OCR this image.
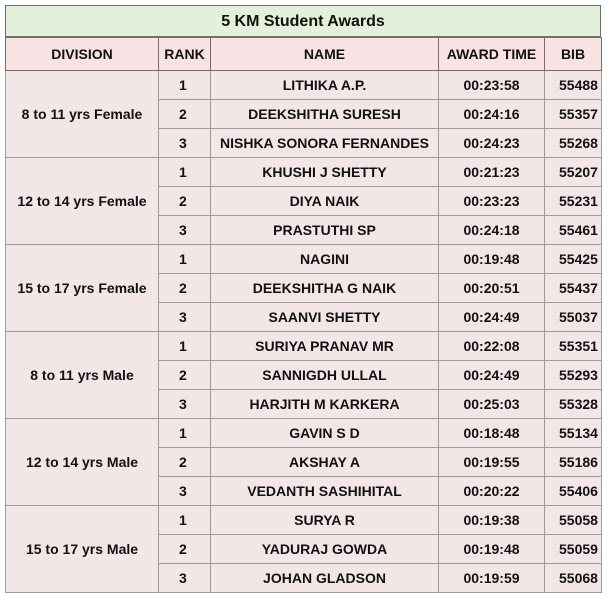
5 KM Student Awards
DIVISION	RANK	NAME	AWARD TIME	BIB
8 to 11 yrs Female	1	LITHIKA A.P.	00:23:58	55488
	2	DEEKSHITHA SURESH	00:24:16	55357
	3	NISHKA SONORA FERNANDES	00:24:23	55268
12 to 14 yrs Female	1	KHUSHI J SHETTY	00:21:23	55207
	2	DIYA NAIK	00:23:23	55231
	3	PRASTUTHI SP	00:24:18	55461
15 to 17 yrs Female	1	NAGINI	00:19:48	55425
	2	DEEKSHITHA G NAIK	00:20:51	55437
	3	SAANVI SHETTY	00:24:49	55037
8 to 11 yrs Male	1	SURIYA PRANAV MR	00:22:08	55351
	2	SANNIGDH ULLAL	00:24:49	55293
	3	HARJITH M KARKERA	00:25:03	55328
12 to 14 yrs Male	1	GAVIN S D	00:18:48	55134
	2	AKSHAY A	00:19:55	55186
	3	VEDANTH SASHIHITAL	00:20:22	55406
15 to 17 yrs Male	1	SURYA R	00:19:38	55058
	2	YADURAJ GOWDA	00:19:48	55059
	3	JOHAN GLADSON	00:19:59	55068
